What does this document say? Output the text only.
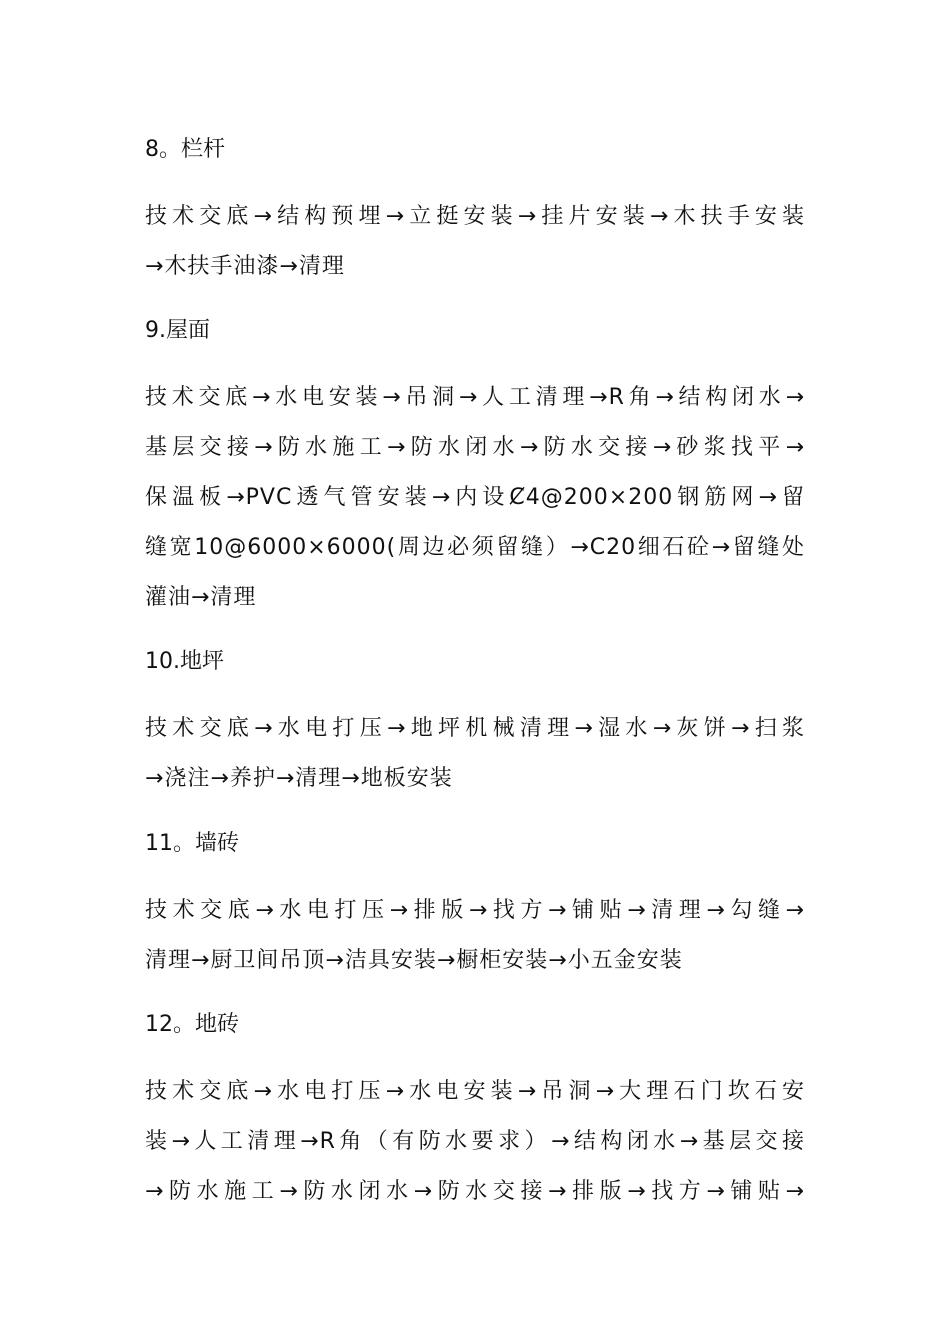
8。栏杆
技术交底→结构预埋→立挺安装→挂片安装→木扶手安装
→木扶手油漆→清理
9.屋面
技术交底→水电安装→吊洞→人工清理→R角→结构闭水→
基层交接→防水施工→防水闭水→防水交接→砂浆找平→
保温板→PVC透气管安装→内设Ȼ4@200×200钢筋网→留
缝宽10@6000×6000(周边必须留缝）→C20细石砼→留缝处
灌油→清理
10.地坪
技术交底→水电打压→地坪机械清理→湿水→灰饼→扫浆
→浇注→养护→清理→地板安装
11。墙砖
技术交底→水电打压→排版→找方→铺贴→清理→勾缝→
清理→厨卫间吊顶→洁具安装→橱柜安装→小五金安装
12。地砖
技术交底→水电打压→水电安装→吊洞→大理石门坎石安
装→人工清理→R角（有防水要求）→结构闭水→基层交接
→防水施工→防水闭水→防水交接→排版→找方→铺贴→
